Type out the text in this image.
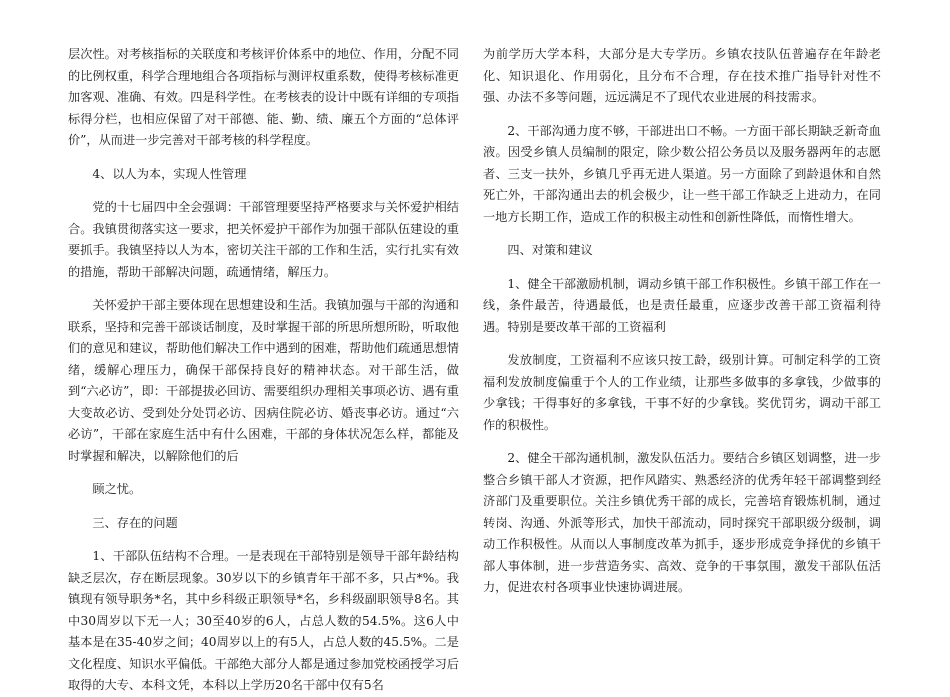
层次性。对考核指标的关联度和考核评价体系中的地位、作用，分配不同的比例权重，科学合理地组合各项指标与测评权重系数，使得考核标准更加客观、准确、有效。四是科学性。在考核表的设计中既有详细的专项指标得分栏，也相应保留了对干部德、能、勤、绩、廉五个方面的“总体评价”，从而进一步完善对干部考核的科学程度。

4、以人为本，实现人性管理

党的十七届四中全会强调：干部管理要坚持严格要求与关怀爱护相结合。我镇贯彻落实这一要求，把关怀爱护干部作为加强干部队伍建设的重要抓手。我镇坚持以人为本，密切关注干部的工作和生活，实行扎实有效的措施，帮助干部解决问题，疏通情绪，解压力。

关怀爱护干部主要体现在思想建设和生活。我镇加强与干部的沟通和联系，坚持和完善干部谈话制度，及时掌握干部的所思所想所盼，听取他们的意见和建议，帮助他们解决工作中遇到的困难，帮助他们疏通思想情绪，缓解心理压力，确保干部保持良好的精神状态。对干部生活，做到“六必访”，即：干部提拔必回访、需要组织办理相关事项必访、遇有重大变故必访、受到处分处罚必访、因病住院必访、婚丧事必访。通过“六必访”，干部在家庭生活中有什么困难，干部的身体状况怎么样，都能及时掌握和解决，以解除他们的后

顾之忧。

三、存在的问题

1、干部队伍结构不合理。一是表现在干部特别是领导干部年龄结构缺乏层次，存在断层现象。30岁以下的乡镇青年干部不多，只占*%。我镇现有领导职务*名，其中乡科级正职领导*名，乡科级副职领导8名。其中30周岁以下无一人；30至40岁的6人，占总人数的54.5%。这6人中基本是在35-40岁之间；40周岁以上的有5人，占总人数的45.5%。二是文化程度、知识水平偏低。干部绝大部分人都是通过参加党校函授学习后取得的大专、本科文凭，本科以上学历20名干部中仅有5名

为前学历大学本科，大部分是大专学历。乡镇农技队伍普遍存在年龄老化、知识退化、作用弱化，且分布不合理，存在技术推广指导针对性不强、办法不多等问题，远远满足不了现代农业进展的科技需求。

2、干部沟通力度不够，干部进出口不畅。一方面干部长期缺乏新奇血液。因受乡镇人员编制的限定，除少数公招公务员以及服务器两年的志愿者、三支一扶外，乡镇几乎再无进人渠道。另一方面除了到龄退休和自然死亡外，干部沟通出去的机会极少，让一些干部工作缺乏上进动力，在同一地方长期工作，造成工作的积极主动性和创新性降低，而惰性增大。

四、对策和建议

1、健全干部激励机制，调动乡镇干部工作积极性。乡镇干部工作在一线，条件最苦，待遇最低，也是责任最重，应逐步改善干部工资福利待遇。特别是要改革干部的工资福利

发放制度，工资福利不应该只按工龄，级别计算。可制定科学的工资福利发放制度偏重于个人的工作业绩，让那些多做事的多拿钱，少做事的少拿钱；干得事好的多拿钱，干事不好的少拿钱。奖优罚劣，调动干部工作的积极性。

2、健全干部沟通机制，激发队伍活力。要结合乡镇区划调整，进一步整合乡镇干部人才资源，把作风踏实、熟悉经济的优秀年轻干部调整到经济部门及重要职位。关注乡镇优秀干部的成长，完善培育锻炼机制，通过转岗、沟通、外派等形式，加快干部流动，同时探究干部职级分级制，调动工作积极性。从而以人事制度改革为抓手，逐步形成竞争择优的乡镇干部人事体制，进一步营造务实、高效、竞争的干事氛围，激发干部队伍活力，促进农村各项事业快速协调进展。
